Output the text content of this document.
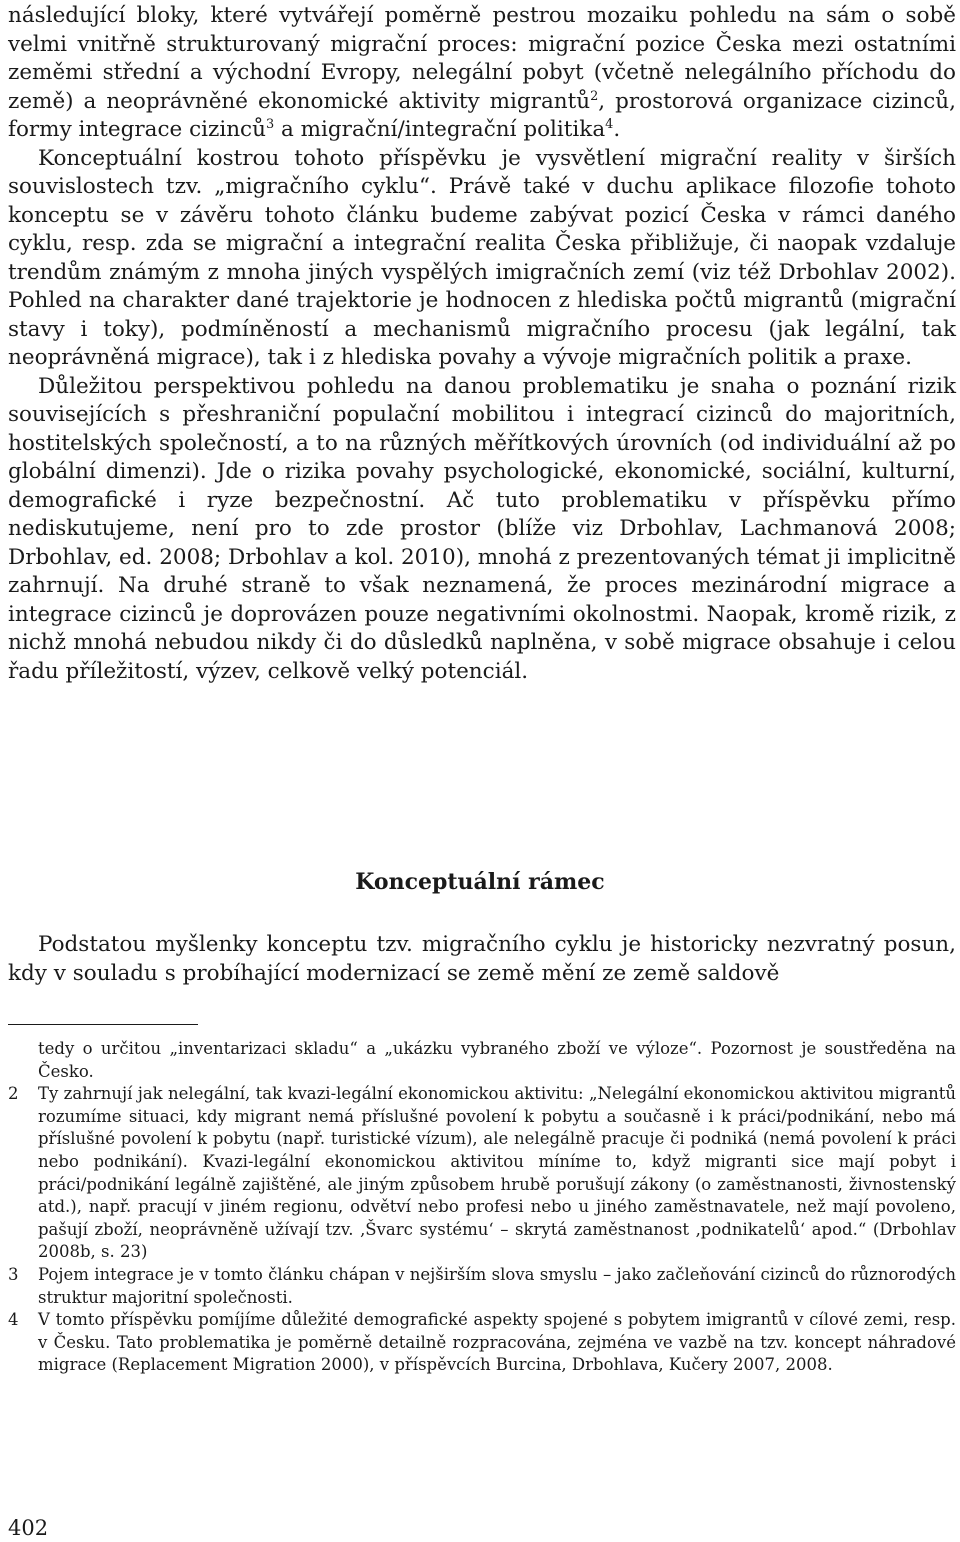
následující bloky, které vytvářejí poměrně pestrou mozaiku pohledu na sám o sobě velmi vnitřně strukturovaný migrační proces: migrační pozice Česka mezi ostatními zeměmi střední a východní Evropy, nelegální pobyt (včetně nelegálního příchodu do země) a neoprávněné ekonomické aktivity migrantů$^2$, prostorová organizace cizinců, formy integrace cizinců$^3$ a migrační/integrační politika$^4$.

Konceptuální kostrou tohoto příspěvku je vysvětlení migrační reality v širších souvislostech tzv. „migračního cyklu“. Právě také v duchu aplikace filozofie tohoto konceptu se v závěru tohoto článku budeme zabývat pozicí Česka v rámci daného cyklu, resp. zda se migrační a integrační realita Česka přibližuje, či naopak vzdaluje trendům známým z mnoha jiných vyspělých imigračních zemí (viz též Drbohlav 2002). Pohled na charakter dané trajektorie je hodnocen z hlediska počtů migrantů (migrační stavy i toky), podmíněností a mechanismů migračního procesu (jak legální, tak neoprávněná migrace), tak i z hlediska povahy a vývoje migračních politik a praxe.

Důležitou perspektivou pohledu na danou problematiku je snaha o poznání rizik souvisejících s přeshraniční populační mobilitou i integrací cizinců do majoritních, hostitelských společností, a to na různých měřítkových úrovních (od individuální až po globální dimenzi). Jde o rizika povahy psychologické, ekonomické, sociální, kulturní, demografické i ryze bezpečnostní. Ač tuto problematiku v příspěvku přímo nediskutujeme, není pro to zde prostor (blíže viz Drbohlav, Lachmanová 2008; Drbohlav, ed. 2008; Drbohlav a kol. 2010), mnohá z prezentovaných témat ji implicitně zahrnují. Na druhé straně to však neznamená, že proces mezinárodní migrace a integrace cizinců je doprovázen pouze negativními okolnostmi. Naopak, kromě rizik, z nichž mnohá nebudou nikdy či do důsledků naplněna, v sobě migrace obsahuje i celou řadu příležitostí, výzev, celkově velký potenciál.

Konceptuální rámec

Podstatou myšlenky konceptu tzv. migračního cyklu je historicky nezvratný posun, kdy v souladu s probíhající modernizací se země mění ze země saldově

tedy o určitou „inventarizaci skladu“ a „ukázku vybraného zboží ve výloze“. Pozornost je soustředěna na Česko.

2 Ty zahrnují jak nelegální, tak kvazi-legální ekonomickou aktivitu: „Nelegální ekonomickou aktivitou migrantů rozumíme situaci, kdy migrant nemá příslušné povolení k pobytu a současně i k práci/podnikání, nebo má příslušné povolení k pobytu (např. turistické vízum), ale nelegálně pracuje či podniká (nemá povolení k práci nebo podnikání). Kvazi-legální ekonomickou aktivitou míníme to, když migranti sice mají pobyt i práci/podnikání legálně zajištěné, ale jiným způsobem hrubě porušují zákony (o zaměstnanosti, živnostenský atd.), např. pracují v jiném regionu, odvětví nebo profesi nebo u jiného zaměstnavatele, než mají povoleno, pašují zboží, neoprávněně užívají tzv. ‚Švarc systému‘ – skrytá zaměstnanost ‚podnikatelů‘ apod.“ (Drbohlav 2008b, s. 23)

3 Pojem integrace je v tomto článku chápan v nejširším slova smyslu – jako začleňování cizinců do různorodých struktur majoritní společnosti.

4 V tomto příspěvku pomíjíme důležité demografické aspekty spojené s pobytem imigrantů v cílové zemi, resp. v Česku. Tato problematika je poměrně detailně rozpracována, zejména ve vazbě na tzv. koncept náhradové migrace (Replacement Migration 2000), v příspěvcích Burcina, Drbohlava, Kučery 2007, 2008.

402
